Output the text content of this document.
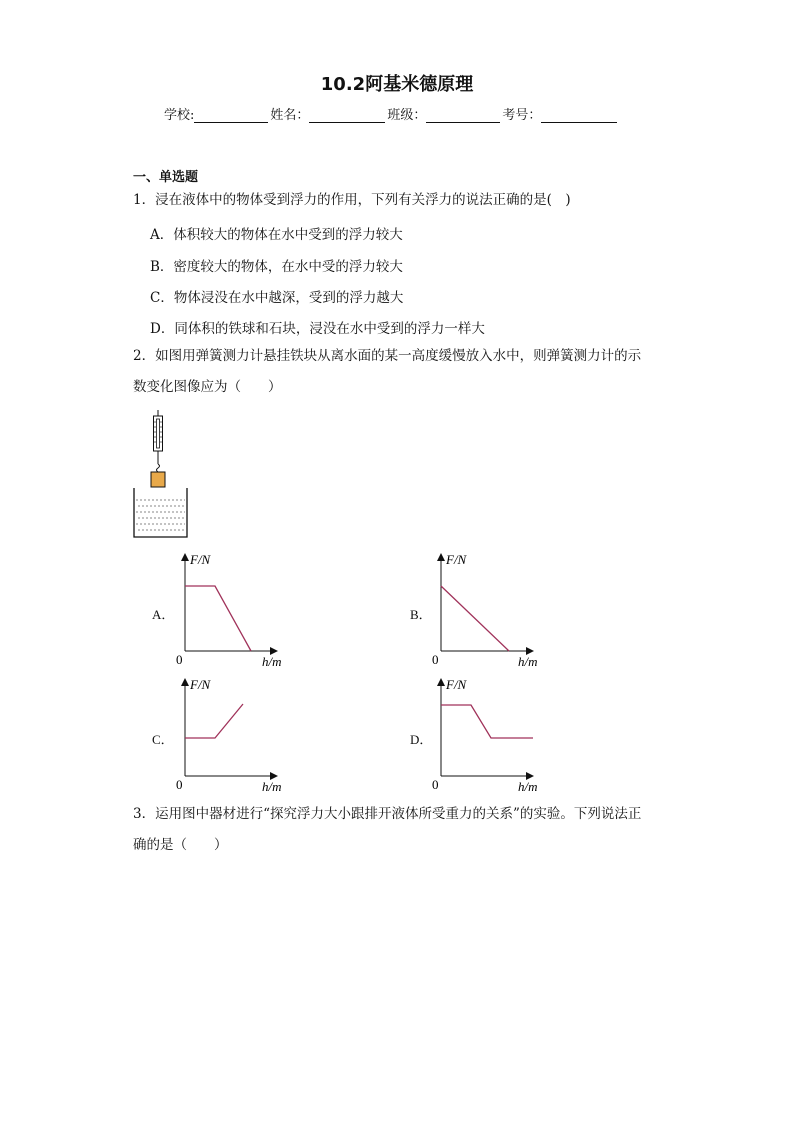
10.2阿基米德原理
学校:	姓名：	班级：	考号：
一、单选题
1．浸在液体中的物体受到浮力的作用，下列有关浮力的说法正确的是(　)
A．体积较大的物体在水中受到的浮力较大
B．密度较大的物体，在水中受的浮力较大
C．物体浸没在水中越深，受到的浮力越大
D．同体积的铁球和石块，浸没在水中受到的浮力一样大
2．如图用弹簧测力计悬挂铁块从离水面的某一高度缓慢放入水中，则弹簧测力计的示
数变化图像应为（　　）
A．
F/N
0	h/m
B．
F/N
0	h/m
C．
F/N
0	h/m
D．
F/N
0	h/m
3．运用图中器材进行“探究浮力大小跟排开液体所受重力的关系”的实验。下列说法正
确的是（　　）
